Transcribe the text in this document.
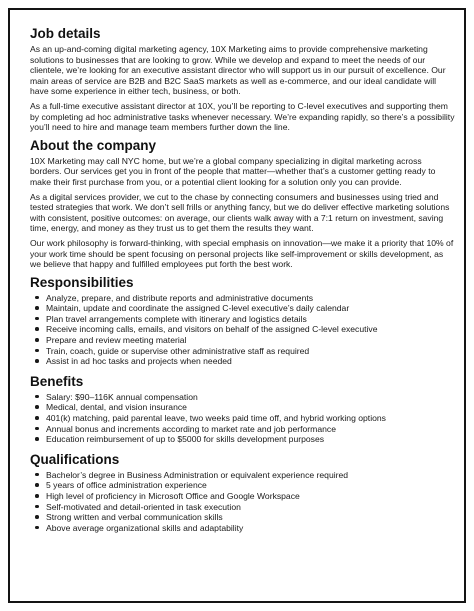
Job details

As an up-and-coming digital marketing agency, 10X Marketing aims to provide comprehensive marketing solutions to businesses that are looking to grow. While we develop and expand to meet the needs of our clientele, we’re looking for an executive assistant director who will support us in our pursuit of excellence. Our main areas of service are B2B and B2C SaaS markets as well as e-commerce, and our ideal candidate will have some experience in either tech, business, or both.

As a full-time executive assistant director at 10X, you’ll be reporting to C-level executives and supporting them by completing ad hoc administrative tasks whenever necessary. We’re expanding rapidly, so there’s a possibility you’ll need to hire and manage team members further down the line.

About the company

10X Marketing may call NYC home, but we’re a global company specializing in digital marketing across borders. Our services get you in front of the people that matter—whether that’s a customer getting ready to make their first purchase from you, or a potential client looking for a solution only you can provide.

As a digital services provider, we cut to the chase by connecting consumers and businesses using tried and tested strategies that work. We don’t sell frills or anything fancy, but we do deliver effective marketing solutions with consistent, positive outcomes: on average, our clients walk away with a 7:1 return on investment, saving time, energy, and money as they trust us to get them the results they want.

Our work philosophy is forward-thinking, with special emphasis on innovation—we make it a priority that 10% of your work time should be spent focusing on personal projects like self-improvement or skills development, as we believe that happy and fulfilled employees put forth the best work.

Responsibilities
Analyze, prepare, and distribute reports and administrative documents
Maintain, update and coordinate the assigned C-level executive’s daily calendar
Plan travel arrangements complete with itinerary and logistics details
Receive incoming calls, emails, and visitors on behalf of the assigned C-level executive
Prepare and review meeting material
Train, coach, guide or supervise other administrative staff as required
Assist in ad hoc tasks and projects when needed
Benefits
Salary: $90–116K annual compensation
Medical, dental, and vision insurance
401(k) matching, paid parental leave, two weeks paid time off, and hybrid working options
Annual bonus and increments according to market rate and job performance
Education reimbursement of up to $5000 for skills development purposes
Qualifications
Bachelor’s degree in Business Administration or equivalent experience required
5 years of office administration experience
High level of proficiency in Microsoft Office and Google Workspace
Self-motivated and detail-oriented in task execution
Strong written and verbal communication skills
Above average organizational skills and adaptability
